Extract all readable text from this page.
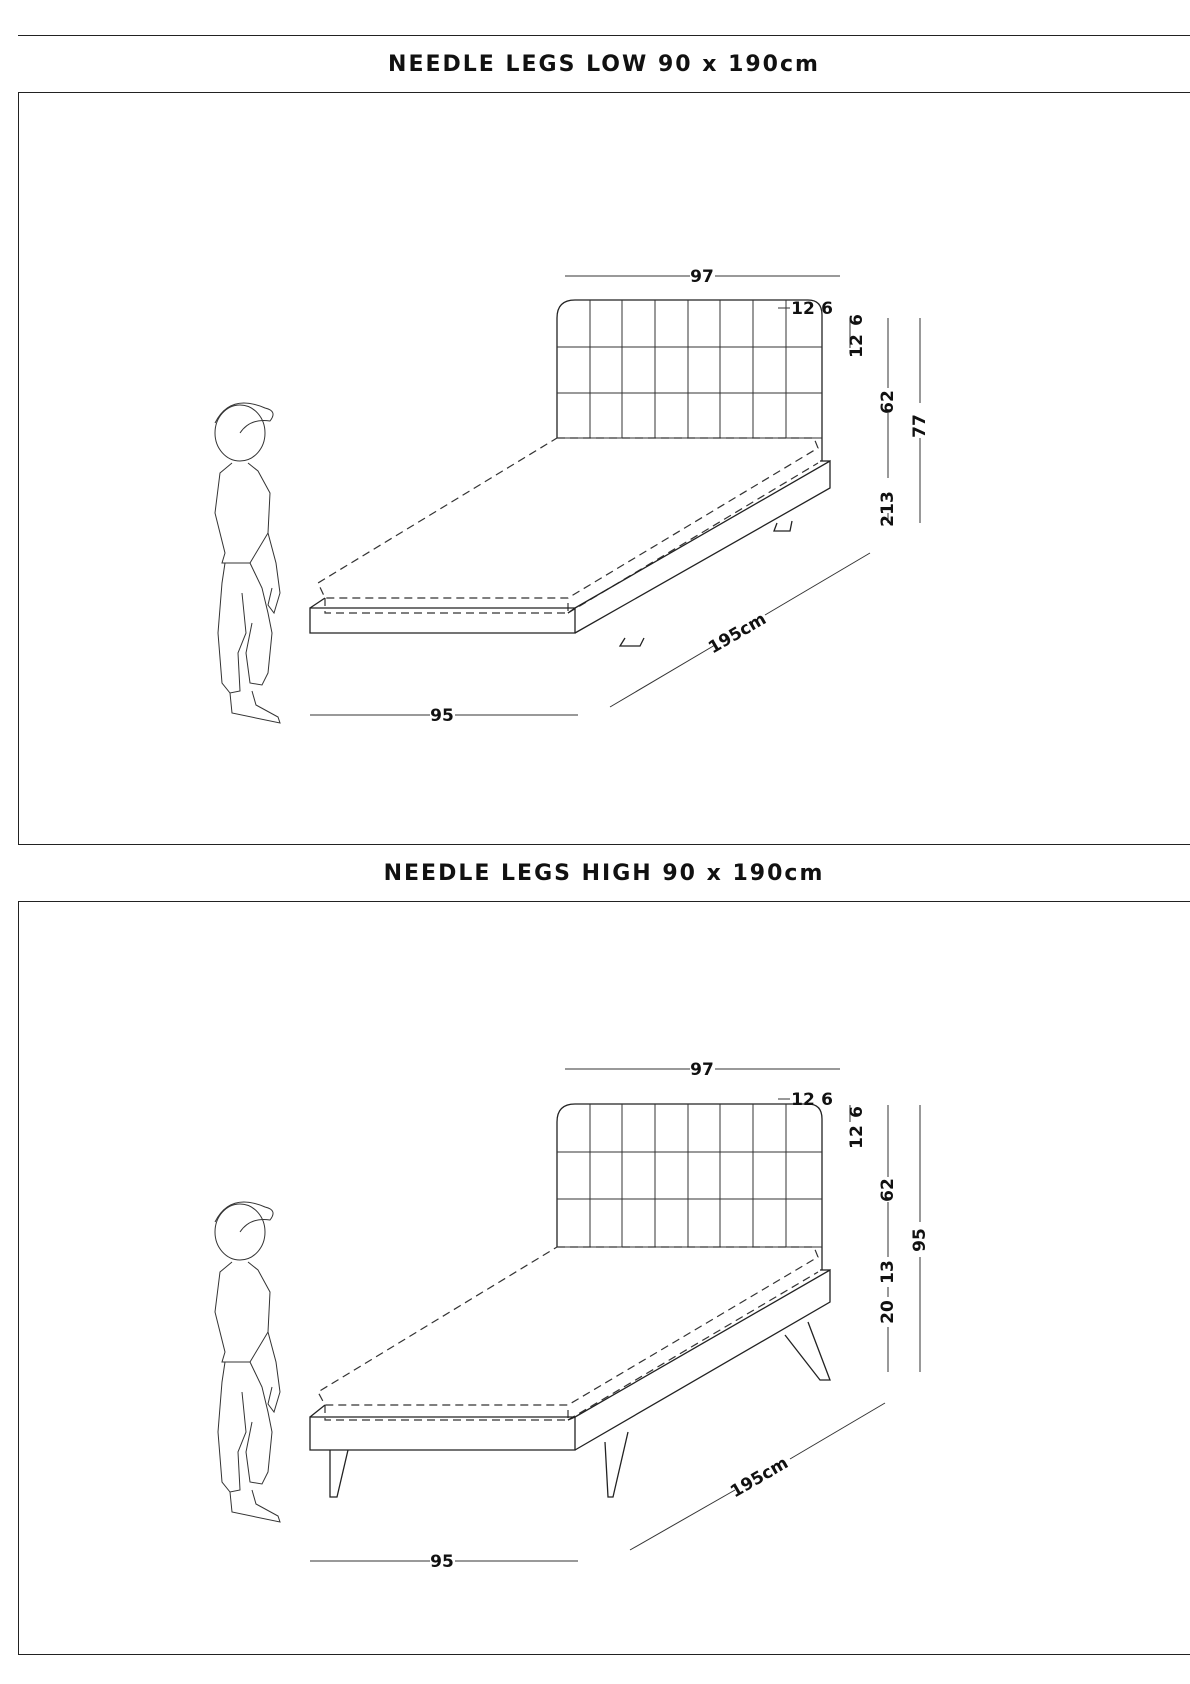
NEEDLE LEGS LOW 90 x 190cm
97
12 6
12
6
62
77
13
2
195cm
95
NEEDLE LEGS HIGH 90 x 190cm
97
12 6
12
6
62
95
13
20
195cm
95
